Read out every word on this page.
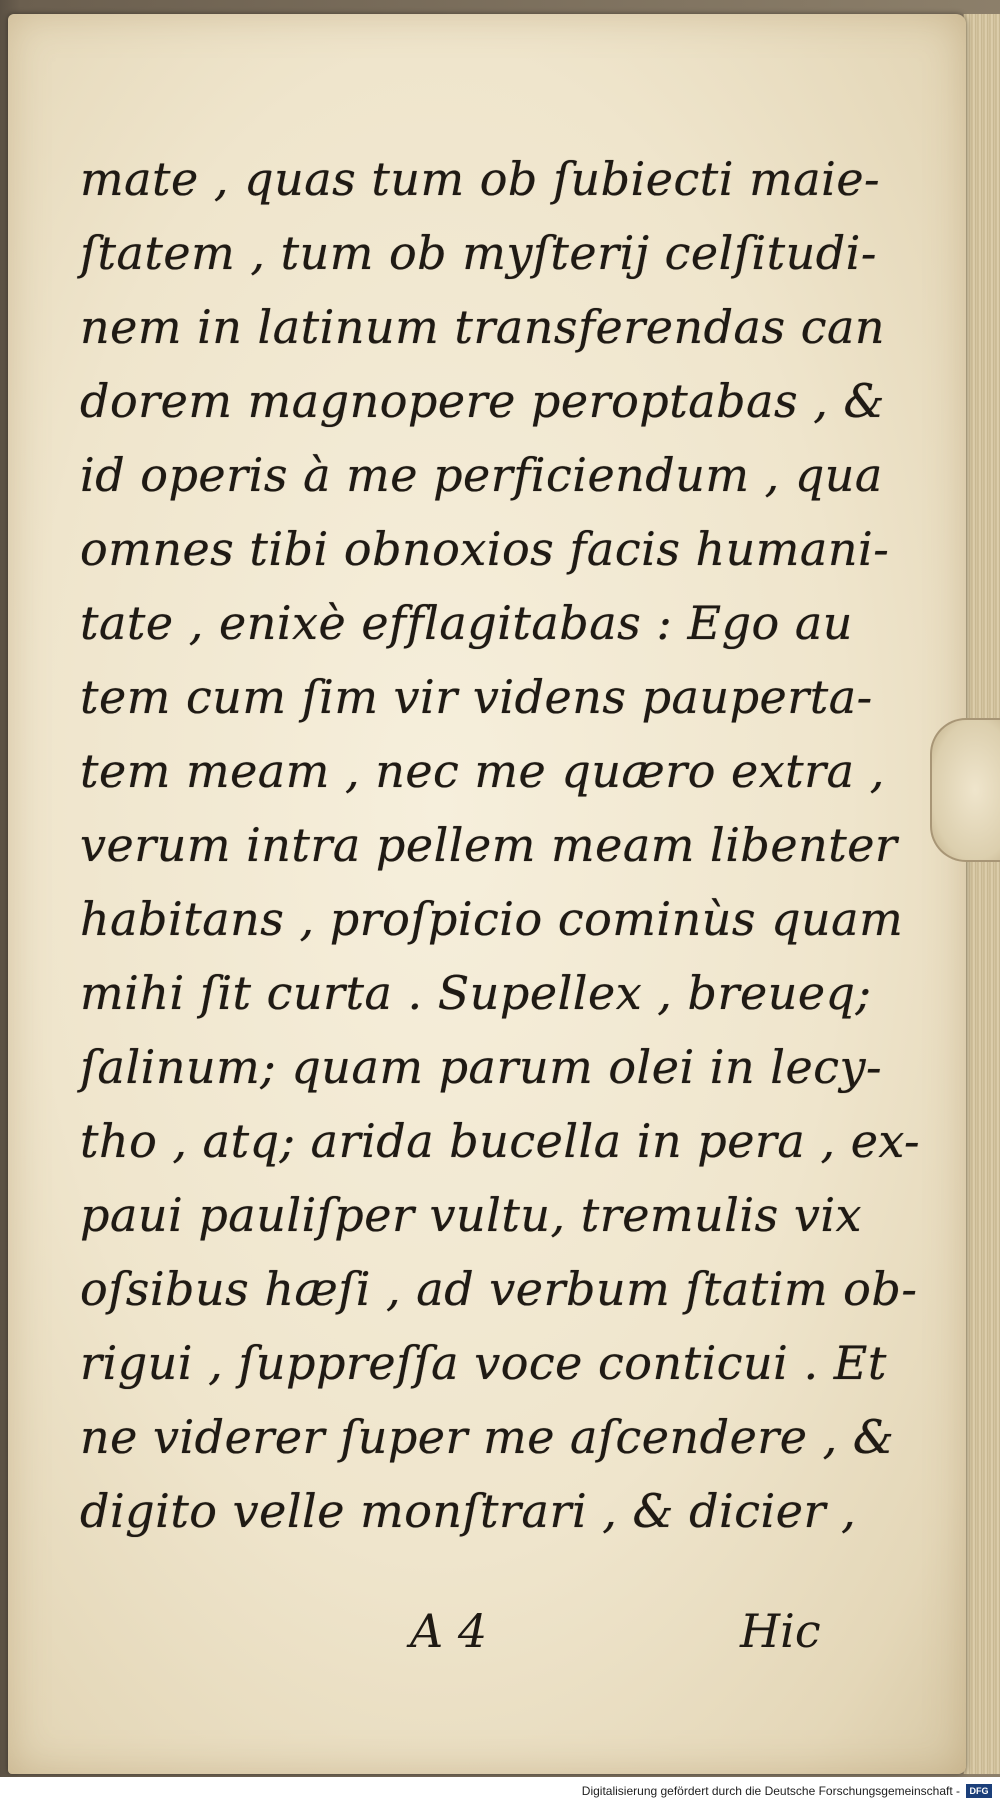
mate , quas tum ob ſubiecti maie-
ſtatem , tum ob myſterij celſitudi-
nem in latinum transferendas can
dorem magnopere peroptabas , &
id operis à me perficiendum , qua
omnes tibi obnoxios facis humani-
tate , enixè efflagitabas : Ego au
tem cum ſim vir videns pauperta-
tem meam , nec me quæro extra ,
verum intra pellem meam libenter
habitans , proſpicio cominùs quam
mihi ſit curta . Supellex , breueq;
ſalinum; quam parum olei in lecy-
tho , atq; arida bucella in pera , ex-
paui pauliſper vultu, tremulis vix
oſsibus hæſi , ad verbum ſtatim ob-
rigui , ſuppreſſa voce conticui . Et
ne viderer ſuper me aſcendere , &
digito velle monſtrari , & dicier ,
A 4	Hic
Digitalisierung gefördert durch die Deutsche Forschungsgemeinschaft -	DFG
